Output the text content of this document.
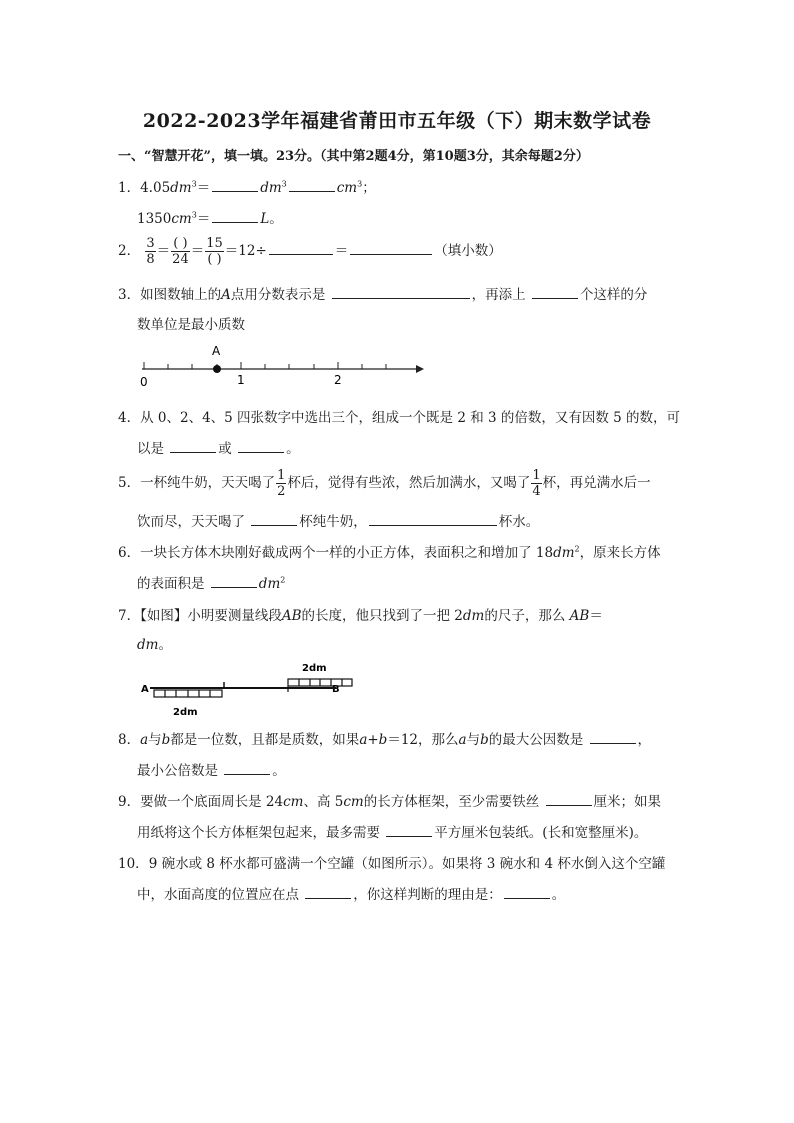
2022-2023学年福建省莆田市五年级（下）期末数学试卷
一、“智慧开花”，填一填。23分。（其中第2题4分，第10题3分，其余每题2分）
1．$4.05dm^3=$	$dm^3$	$cm^3$；
$1350cm^3=$	L。
2． $\frac{3}{8} = \frac{( )}{24} = \frac{15}{( )} =12\div$	＝	（填小数）
3．如图数轴上的A点用分数表示是	，再添上	个这样的分
数单位是最小质数
A
0	1	2
4．从 0、2、4、5 四张数字中选出三个，组成一个既是 2 和 3 的倍数，又有因数 5 的数，可
以是	或	。
5．一杯纯牛奶，天天喝了 $\frac{1}{2}$ 杯后，觉得有些浓，然后加满水，又喝了 $\frac{1}{4}$ 杯，再兑满水后一
饮而尽，天天喝了	杯纯牛奶，	杯水。
6．一块长方体木块刚好截成两个一样的小正方体，表面积之和增加了 $18dm^2$，原来长方体
的表面积是	$dm^2$
7．【如图】小明要测量线段AB的长度，他只找到了一把 2dm的尺子，那么 AB＝
dm。
2dm
2dm
A	B
8．a与b都是一位数，且都是质数，如果a+b＝12，那么a与b的最大公因数是	，
最小公倍数是	。
9．要做一个底面周长是 24cm、高 5cm的长方体框架，至少需要铁丝	厘米；如果
用纸将这个长方体框架包起来，最多需要	平方厘米包装纸。(长和宽整厘米)。
10．9 碗水或 8 杯水都可盛满一个空罐（如图所示）。如果将 3 碗水和 4 杯水倒入这个空罐
中，水面高度的位置应在点	，你这样判断的理由是：	。
